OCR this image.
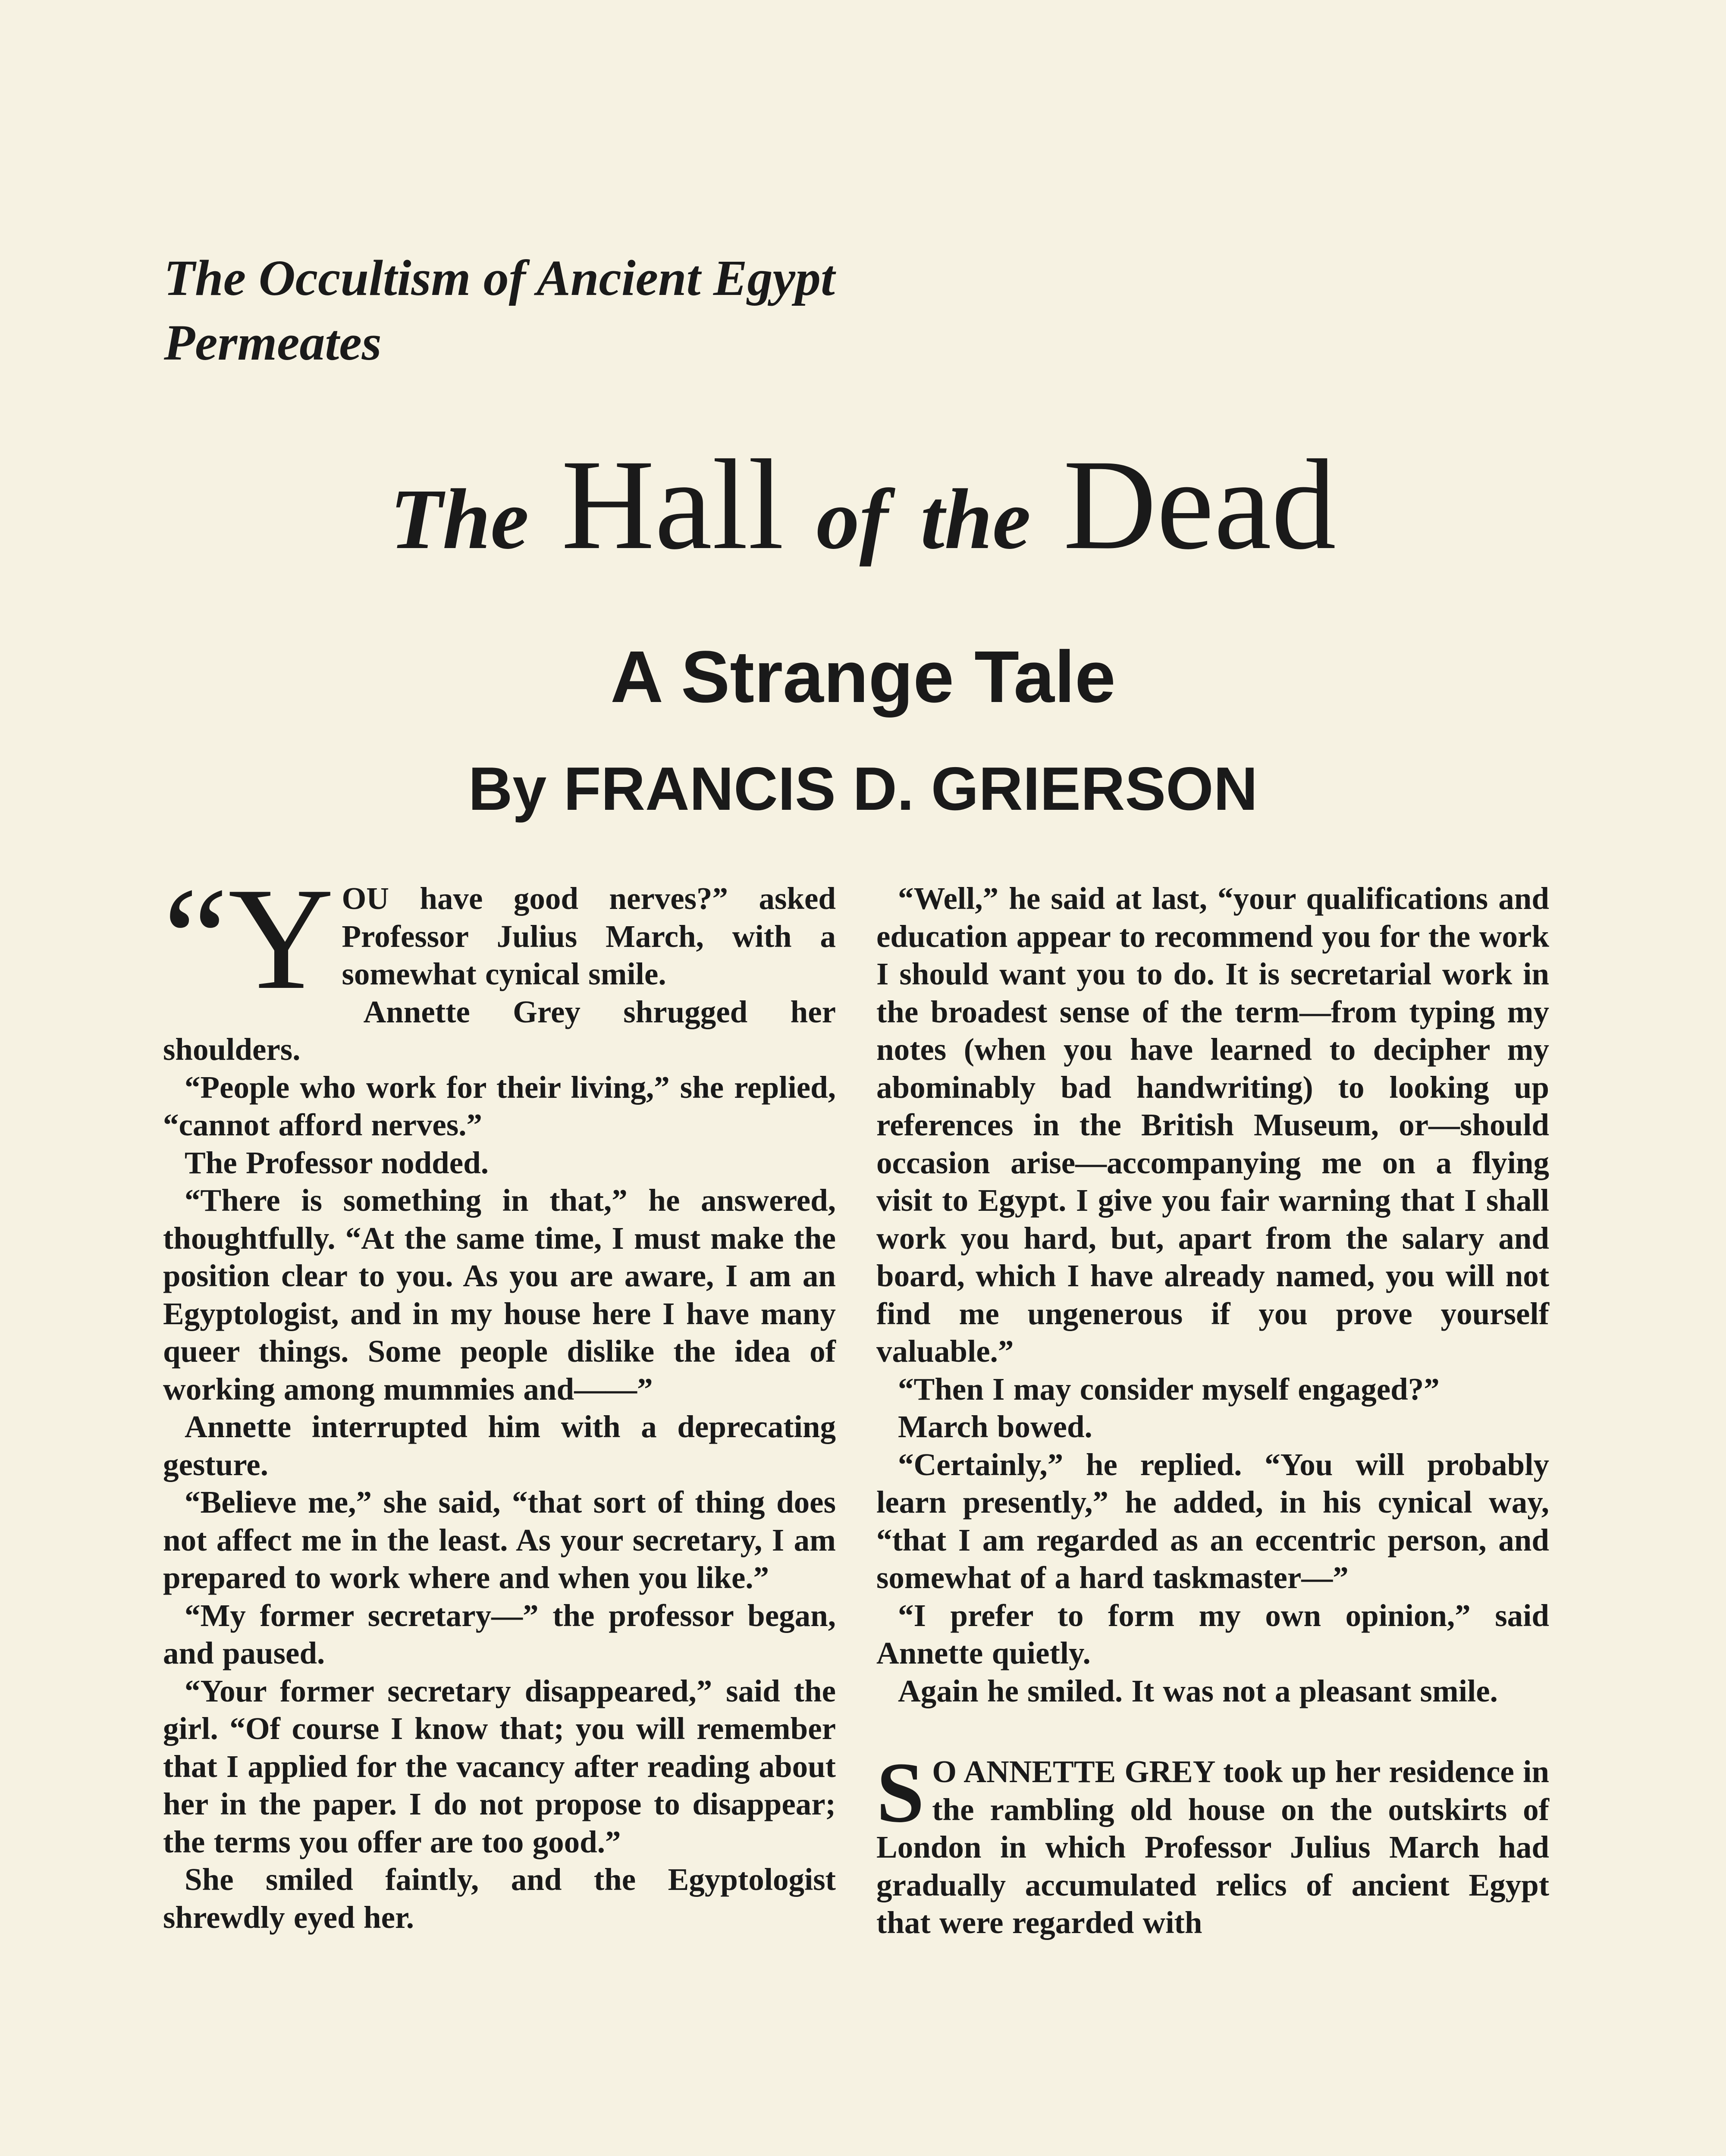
The Occultism of Ancient Egypt Permeates
The Hall of the Dead
A Strange Tale
By FRANCIS D. GRIERSON

“Y OU have good nerves?” asked Professor Julius March, with a somewhat cynical smile.

Annette Grey shrugged her shoulders.

“People who work for their living,” she replied, “cannot afford nerves.”

The Professor nodded.

“There is something in that,” he answered, thoughtfully. “At the same time, I must make the position clear to you. As you are aware, I am an Egyptologist, and in my house here I have many queer things. Some people dislike the idea of working among mummies and——”

Annette interrupted him with a deprecating gesture.

“Believe me,” she said, “that sort of thing does not affect me in the least. As your secretary, I am prepared to work where and when you like.”

“My former secretary—” the professor began, and paused.

“Your former secretary disappeared,” said the girl. “Of course I know that; you will remember that I applied for the vacancy after reading about her in the paper. I do not propose to disappear; the terms you offer are too good.”

She smiled faintly, and the Egyptologist shrewdly eyed her.

“Well,” he said at last, “your qualifications and education appear to recommend you for the work I should want you to do. It is secretarial work in the broadest sense of the term—from typing my notes (when you have learned to decipher my abominably bad handwriting) to looking up references in the British Museum, or—should occasion arise—accompanying me on a flying visit to Egypt. I give you fair warning that I shall work you hard, but, apart from the salary and board, which I have already named, you will not find me ungenerous if you prove yourself valuable.”

“Then I may consider myself engaged?”

March bowed.

“Certainly,” he replied. “You will probably learn presently,” he added, in his cynical way, “that I am regarded as an eccentric person, and somewhat of a hard taskmaster—”

“I prefer to form my own opinion,” said Annette quietly.

Again he smiled. It was not a pleasant smile.

S O ANNETTE GREY took up her residence in the rambling old house on the outskirts of London in which Professor Julius March had gradually accumulated relics of ancient Egypt that were regarded with
